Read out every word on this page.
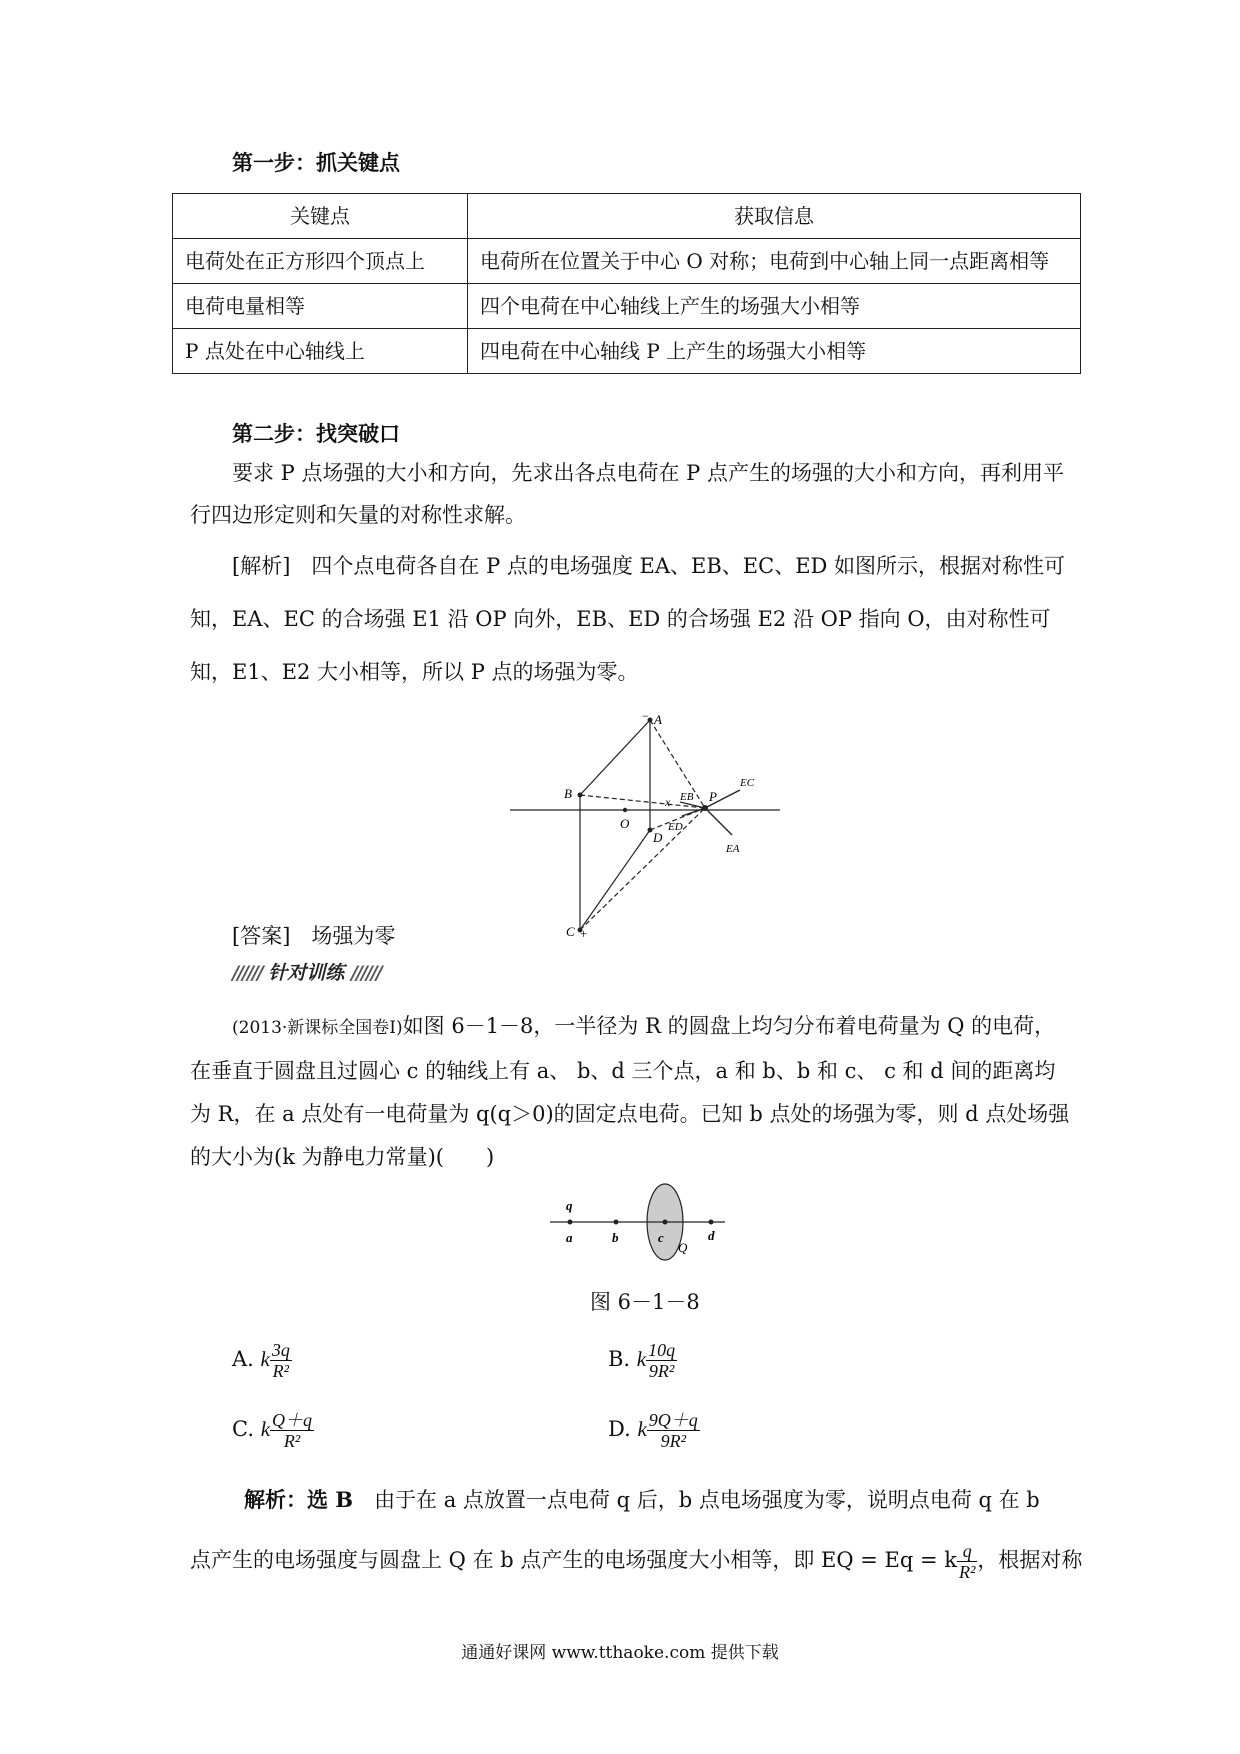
第一步：抓关键点
关键点	获取信息
电荷处在正方形四个顶点上	电荷所在位置关于中心 O 对称；电荷到中心轴上同一点距离相等
电荷电量相等	四个电荷在中心轴线上产生的场强大小相等
P 点处在中心轴线上	四电荷在中心轴线 P 上产生的场强大小相等
第二步：找突破口
要求 P 点场强的大小和方向，先求出各点电荷在 P 点产生的场强的大小和方向，再利用平行四边形定则和矢量的对称性求解。
[解析]　 四个点电荷各自在 P 点的电场强度 EA、EB、EC、ED 如图所示，根据对称性可知，EA、EC 的合场强 E1 沿 OP 向外，EB、ED 的合场强 E2 沿 OP 指向 O，由对称性可知，E1、E2 大小相等，所以 P 点的场强为零。
A
−
B
C +
D
O
P
x
EA
EB
EC
ED
[答案]　 场强为零
////// 针对训练 //////
(2013·新课标全国卷Ⅰ)如图 6－1－8，一半径为 R 的圆盘上均匀分布着电荷量为 Q 的电荷，在垂直于圆盘且过圆心 c 的轴线上有 a、 b、d 三个点，a 和 b、b 和 c、 c 和 d 间的距离均为 R，在 a 点处有一电荷量为 q(q＞0)的固定点电荷。已知 b 点处的场强为零，则 d 点处场强的大小为(k 为静电力常量)(　　)
q
a	b	c	d
Q
图 6－1－8
A. k $\frac{3q}{\text{R²}}$	B. k $\frac{10q}{\text{9R²}}$
C. k $\frac{Q+q}{\text{R²}}$	D. k $\frac{9Q+q}{\text{9R²}}$
解析：选 B　 由于在 a 点放置一点电荷 q 后，b 点电场强度为零，说明点电荷 q 在 b
点产生的电场强度与圆盘上 Q 在 b 点产生的电场强度大小相等，即 EQ = Eq = k $\frac{q}{\text{R²}}$ ，根据对称
通通好课网 www.tthaoke.com 提供下载
